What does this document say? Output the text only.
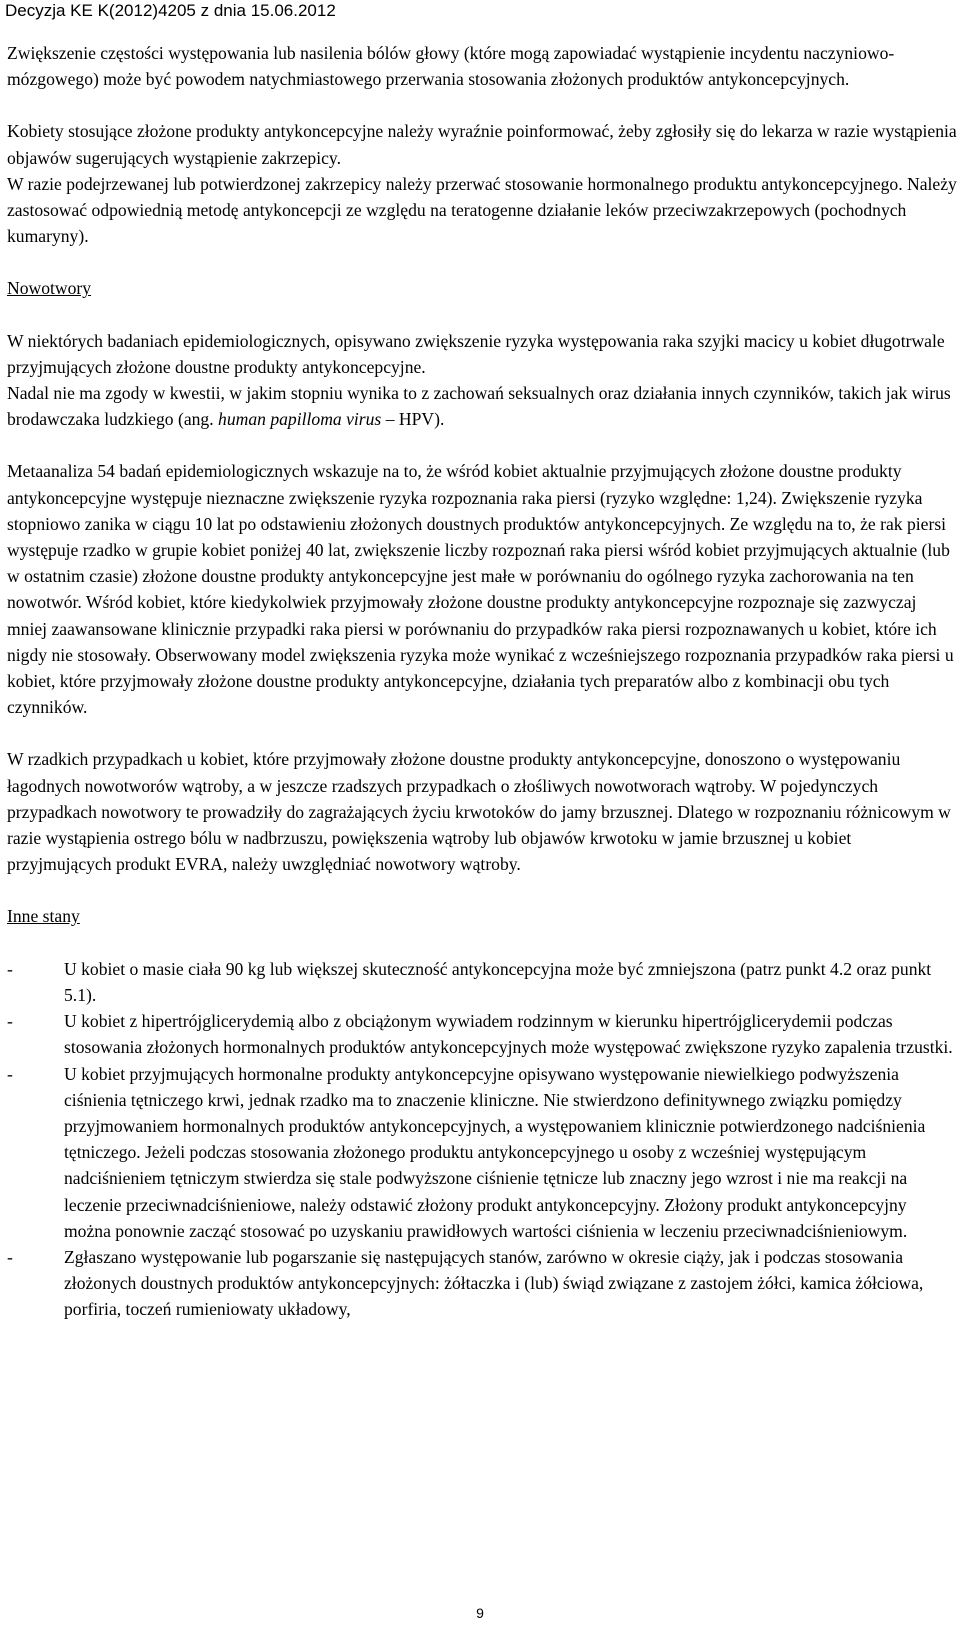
Decyzja KE K(2012)4205 z dnia 15.06.2012

Zwiększenie częstości występowania lub nasilenia bólów głowy (które mogą zapowiadać wystąpienie incydentu naczyniowo-mózgowego) może być powodem natychmiastowego przerwania stosowania złożonych produktów antykoncepcyjnych.

Kobiety stosujące złożone produkty antykoncepcyjne należy wyraźnie poinformować, żeby zgłosiły się do lekarza w razie wystąpienia objawów sugerujących wystąpienie zakrzepicy.

W razie podejrzewanej lub potwierdzonej zakrzepicy należy przerwać stosowanie hormonalnego produktu antykoncepcyjnego. Należy zastosować odpowiednią metodę antykoncepcji ze względu na teratogenne działanie leków przeciwzakrzepowych (pochodnych kumaryny).

Nowotwory

W niektórych badaniach epidemiologicznych, opisywano zwiększenie ryzyka występowania raka szyjki macicy u kobiet długotrwale przyjmujących złożone doustne produkty antykoncepcyjne.

Nadal nie ma zgody w kwestii, w jakim stopniu wynika to z zachowań seksualnych oraz działania innych czynników, takich jak wirus brodawczaka ludzkiego (ang. human papilloma virus – HPV).

Metaanaliza 54 badań epidemiologicznych wskazuje na to, że wśród kobiet aktualnie przyjmujących złożone doustne produkty antykoncepcyjne występuje nieznaczne zwiększenie ryzyka rozpoznania raka piersi (ryzyko względne: 1,24). Zwiększenie ryzyka stopniowo zanika w ciągu 10 lat po odstawieniu złożonych doustnych produktów antykoncepcyjnych. Ze względu na to, że rak piersi występuje rzadko w grupie kobiet poniżej 40 lat, zwiększenie liczby rozpoznań raka piersi wśród kobiet przyjmujących aktualnie (lub w ostatnim czasie) złożone doustne produkty antykoncepcyjne jest małe w porównaniu do ogólnego ryzyka zachorowania na ten nowotwór. Wśród kobiet, które kiedykolwiek przyjmowały złożone doustne produkty antykoncepcyjne rozpoznaje się zazwyczaj mniej zaawansowane klinicznie przypadki raka piersi w porównaniu do przypadków raka piersi rozpoznawanych u kobiet, które ich nigdy nie stosowały. Obserwowany model zwiększenia ryzyka może wynikać z wcześniejszego rozpoznania przypadków raka piersi u kobiet, które przyjmowały złożone doustne produkty antykoncepcyjne, działania tych preparatów albo z kombinacji obu tych czynników.

W rzadkich przypadkach u kobiet, które przyjmowały złożone doustne produkty antykoncepcyjne, donoszono o występowaniu łagodnych nowotworów wątroby, a w jeszcze rzadszych przypadkach o złośliwych nowotworach wątroby. W pojedynczych przypadkach nowotwory te prowadziły do zagrażających życiu krwotoków do jamy brzusznej. Dlatego w rozpoznaniu różnicowym w razie wystąpienia ostrego bólu w nadbrzuszu, powiększenia wątroby lub objawów krwotoku w jamie brzusznej u kobiet przyjmujących produkt EVRA, należy uwzględniać nowotwory wątroby.

Inne stany

-	U kobiet o masie ciała 90 kg lub większej skuteczność antykoncepcyjna może być zmniejszona (patrz punkt 4.2 oraz punkt 5.1).
-	U kobiet z hipertrójglicerydemią albo z obciążonym wywiadem rodzinnym w kierunku hipertrójglicerydemii podczas stosowania złożonych hormonalnych produktów antykoncepcyjnych może występować zwiększone ryzyko zapalenia trzustki.
-	U kobiet przyjmujących hormonalne produkty antykoncepcyjne opisywano występowanie niewielkiego podwyższenia ciśnienia tętniczego krwi, jednak rzadko ma to znaczenie kliniczne. Nie stwierdzono definitywnego związku pomiędzy przyjmowaniem hormonalnych produktów antykoncepcyjnych, a występowaniem klinicznie potwierdzonego nadciśnienia tętniczego. Jeżeli podczas stosowania złożonego produktu antykoncepcyjnego u osoby z wcześniej występującym nadciśnieniem tętniczym stwierdza się stale podwyższone ciśnienie tętnicze lub znaczny jego wzrost i nie ma reakcji na leczenie przeciwnadciśnieniowe, należy odstawić złożony produkt antykoncepcyjny. Złożony produkt antykoncepcyjny można ponownie zacząć stosować po uzyskaniu prawidłowych wartości ciśnienia w leczeniu przeciwnadciśnieniowym.
-	Zgłaszano występowanie lub pogarszanie się następujących stanów, zarówno w okresie ciąży, jak i podczas stosowania złożonych doustnych produktów antykoncepcyjnych: żółtaczka i (lub) świąd związane z zastojem żółci, kamica żółciowa, porfiria, toczeń rumieniowaty układowy,
9
